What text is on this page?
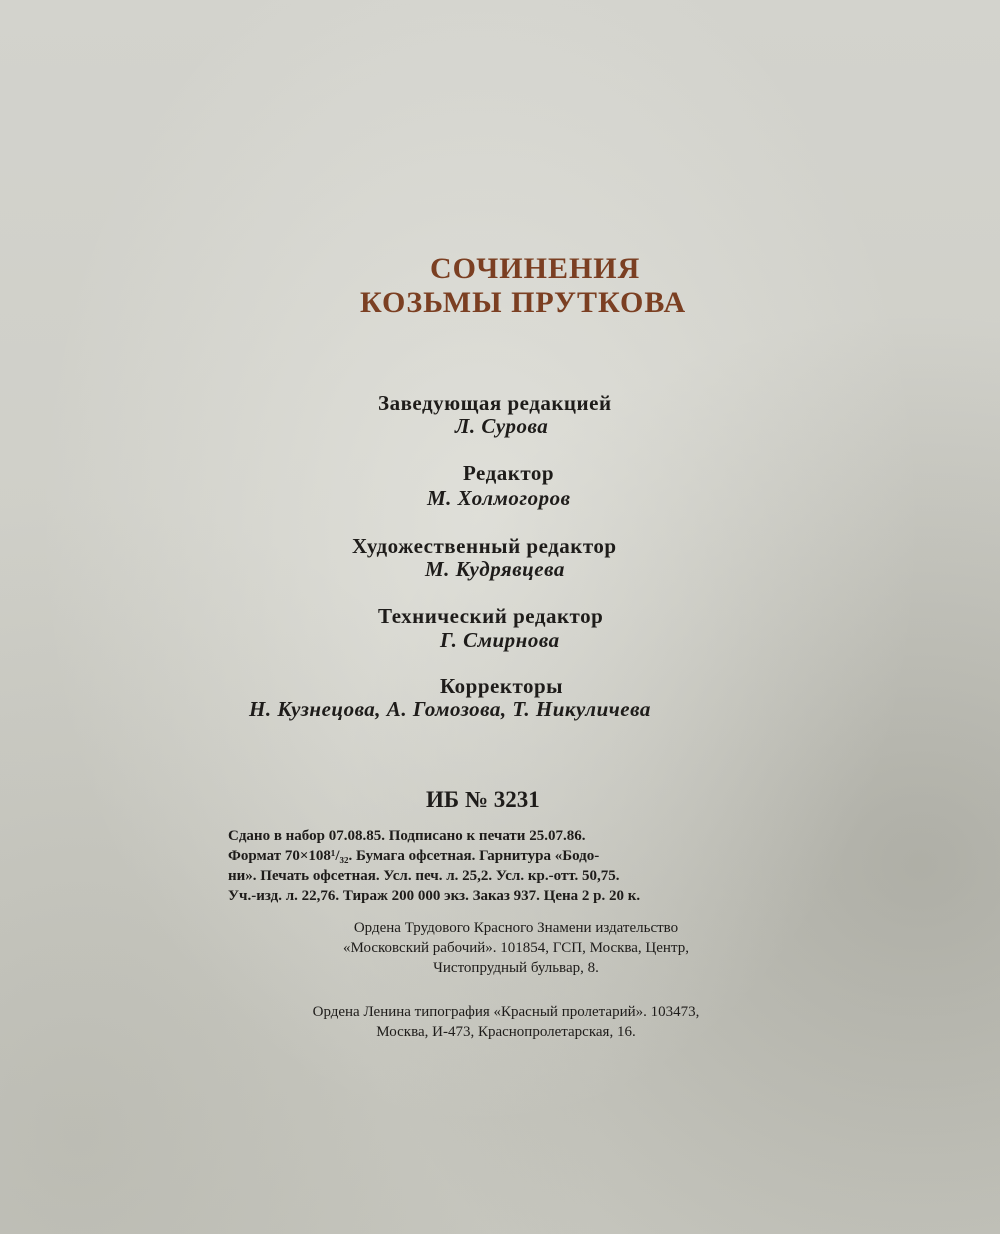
СОЧИНЕНИЯ
КОЗЬМЫ ПРУТКОВА
Заведующая редакцией
Л. Сурова
Редактор
М. Холмогоров
Художественный редактор
М. Кудрявцева
Технический редактор
Г. Смирнова
Корректоры
Н. Кузнецова, А. Гомозова, Т. Никуличева
ИБ № 3231
Сдано в набор 07.08.85. Подписано к печати 25.07.86.
Формат 70×108¹/₃₂. Бумага офсетная. Гарнитура «Бодо-
ни». Печать офсетная. Усл. печ. л. 25,2. Усл. кр.-отт. 50,75.
Уч.-изд. л. 22,76. Тираж 200 000 экз. Заказ 937. Цена 2 р. 20 к.
Ордена Трудового Красного Знамени издательство
«Московский рабочий». 101854, ГСП, Москва, Центр,
Чистопрудный бульвар, 8.
Ордена Ленина типография «Красный пролетарий». 103473,
Москва, И-473, Краснопролетарская, 16.
